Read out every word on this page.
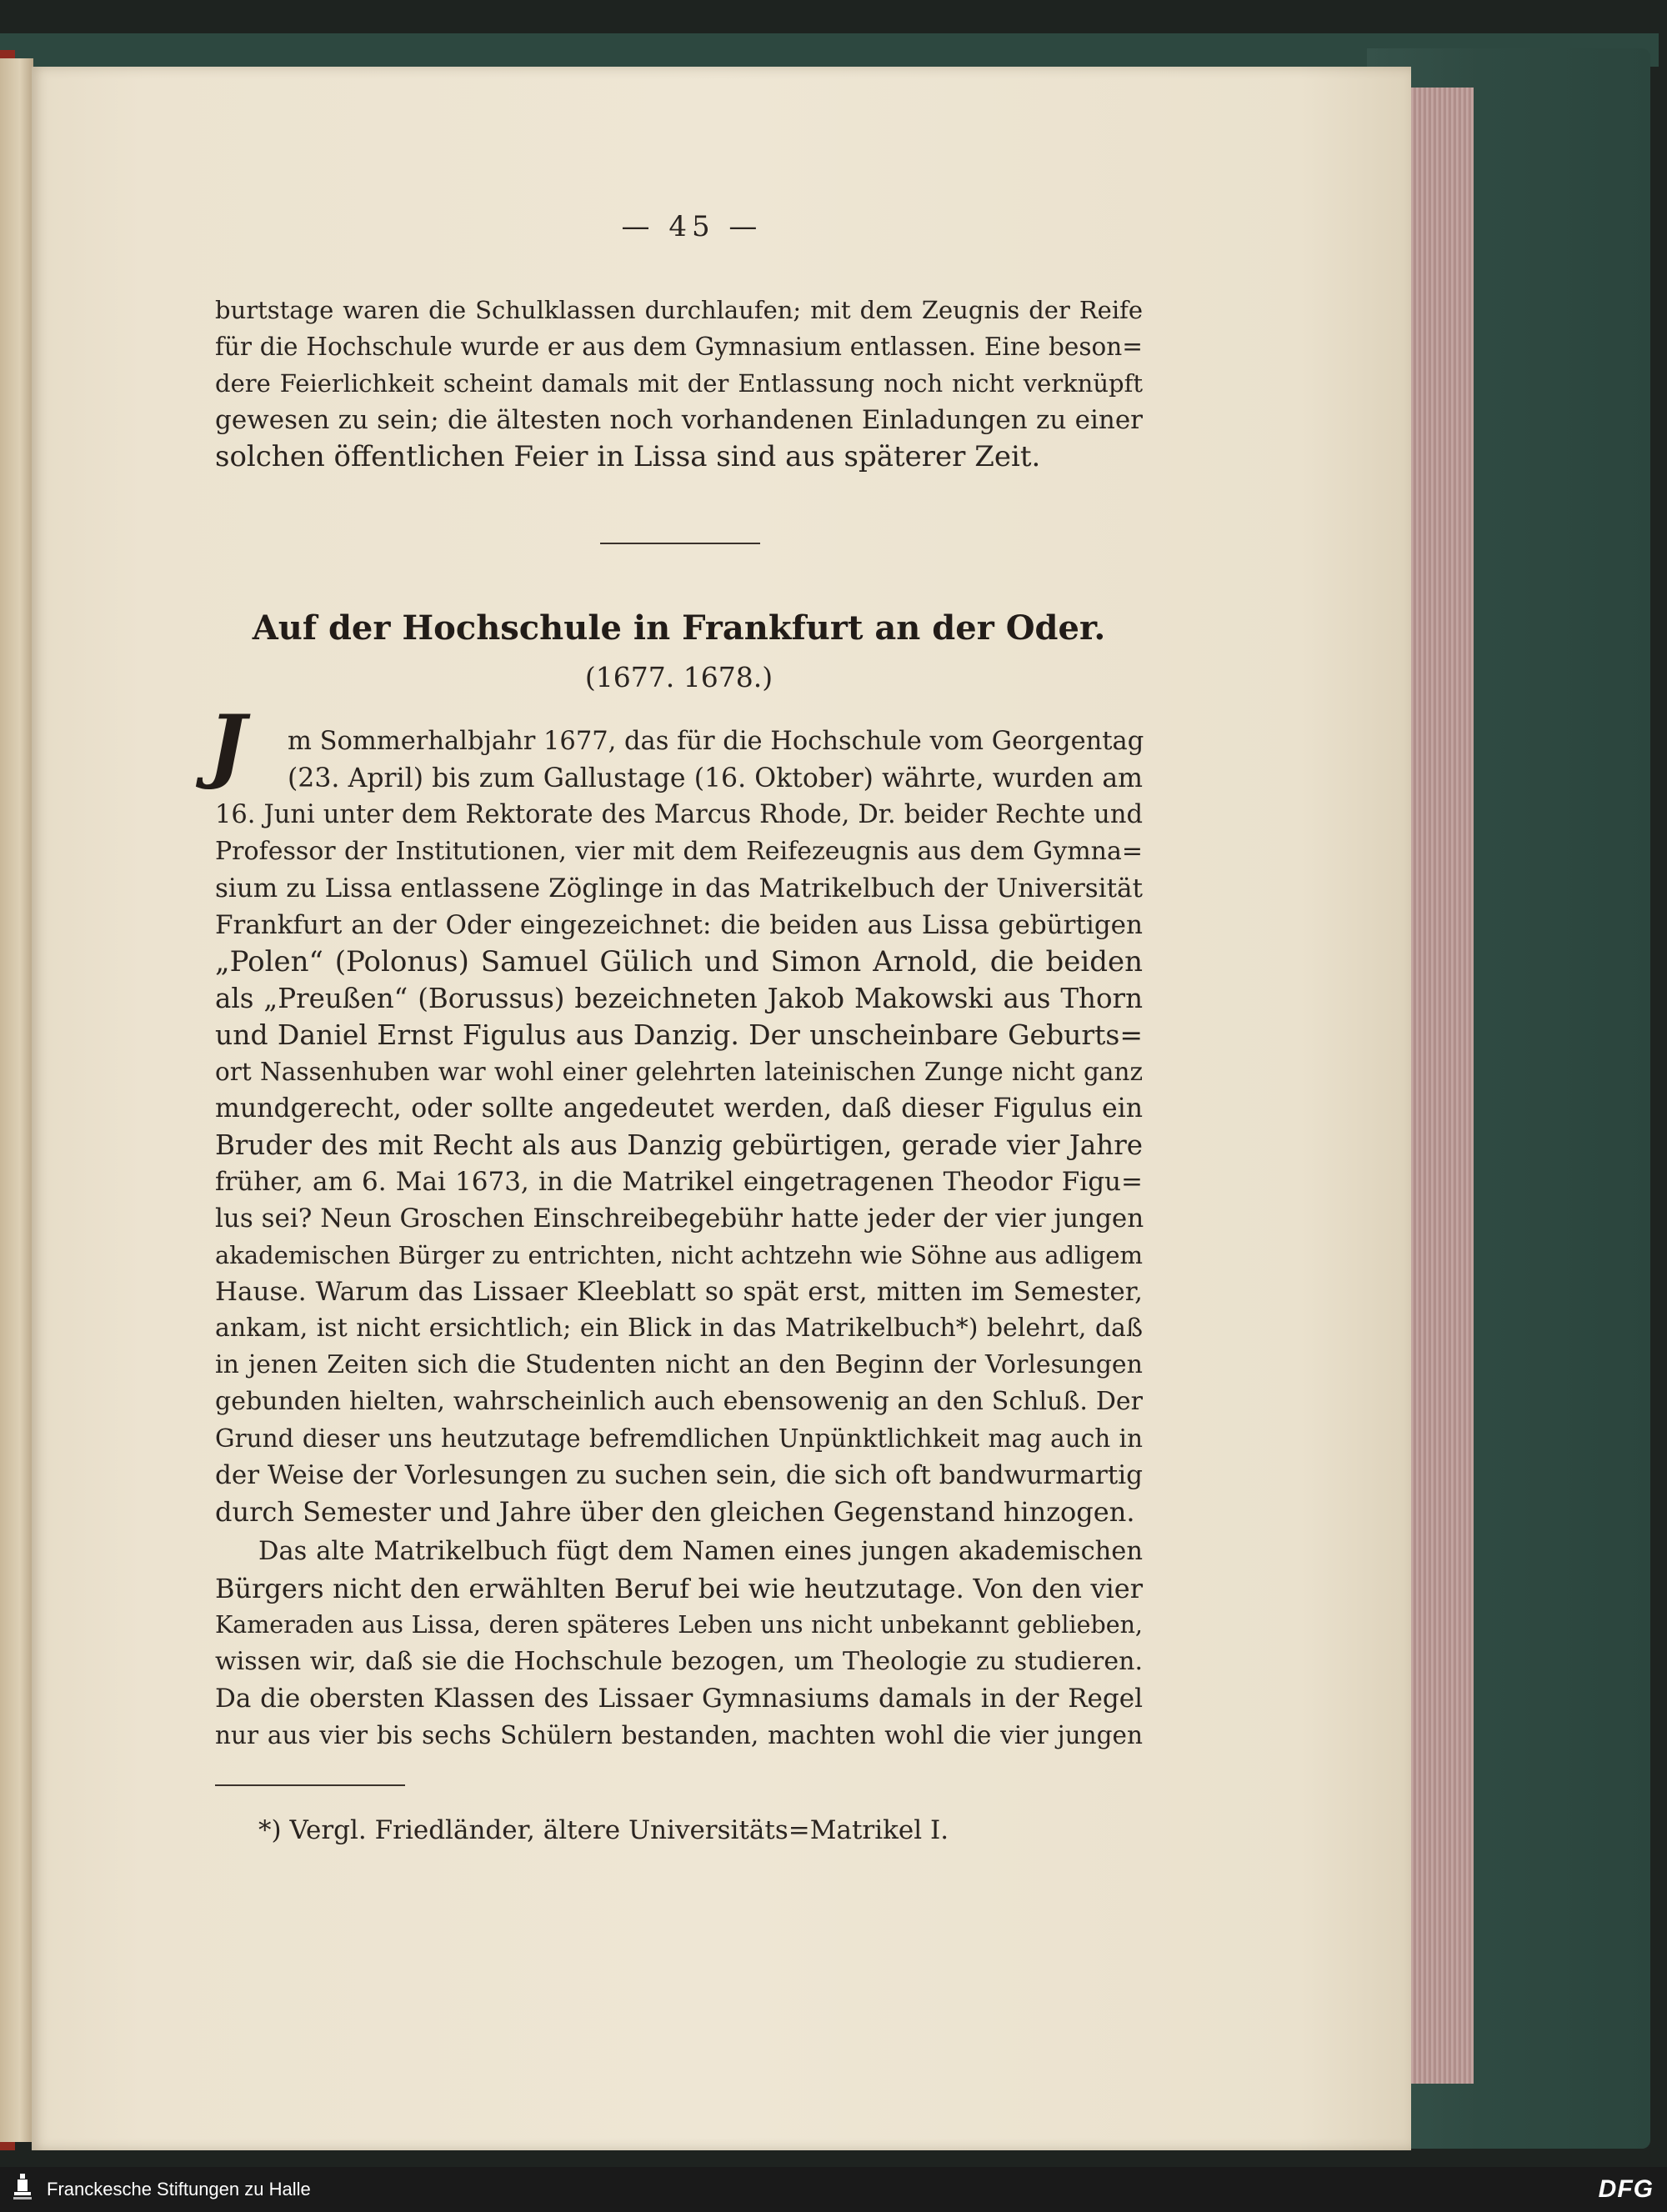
— 45 —

burtstage waren die Schulklassen durchlaufen; mit dem Zeugnis der Reife

für die Hochschule wurde er aus dem Gymnasium entlassen. Eine beson=

dere Feierlichkeit scheint damals mit der Entlassung noch nicht verknüpft

gewesen zu sein; die ältesten noch vorhandenen Einladungen zu einer

solchen öffentlichen Feier in Lissa sind aus späterer Zeit.

Auf der Hochschule in Frankfurt an der Oder.
(1677. 1678.)
J	m Sommerhalbjahr 1677, das für die Hochschule vom Georgentag

(23. April) bis zum Gallustage (16. Oktober) währte, wurden am

16. Juni unter dem Rektorate des Marcus Rhode, Dr. beider Rechte und

Professor der Institutionen, vier mit dem Reifezeugnis aus dem Gymna=

sium zu Lissa entlassene Zöglinge in das Matrikelbuch der Universität

Frankfurt an der Oder eingezeichnet: die beiden aus Lissa gebürtigen

„Polen“ (Polonus) Samuel Gülich und Simon Arnold, die beiden

als „Preußen“ (Borussus) bezeichneten Jakob Makowski aus Thorn

und Daniel Ernst Figulus aus Danzig. Der unscheinbare Geburts=

ort Nassenhuben war wohl einer gelehrten lateinischen Zunge nicht ganz

mundgerecht, oder sollte angedeutet werden, daß dieser Figulus ein

Bruder des mit Recht als aus Danzig gebürtigen, gerade vier Jahre

früher, am 6. Mai 1673, in die Matrikel eingetragenen Theodor Figu=

lus sei? Neun Groschen Einschreibegebühr hatte jeder der vier jungen

akademischen Bürger zu entrichten, nicht achtzehn wie Söhne aus adligem

Hause. Warum das Lissaer Kleeblatt so spät erst, mitten im Semester,

ankam, ist nicht ersichtlich; ein Blick in das Matrikelbuch*) belehrt, daß

in jenen Zeiten sich die Studenten nicht an den Beginn der Vorlesungen

gebunden hielten, wahrscheinlich auch ebensowenig an den Schluß. Der

Grund dieser uns heutzutage befremdlichen Unpünktlichkeit mag auch in

der Weise der Vorlesungen zu suchen sein, die sich oft bandwurmartig

durch Semester und Jahre über den gleichen Gegenstand hinzogen.

Das alte Matrikelbuch fügt dem Namen eines jungen akademischen

Bürgers nicht den erwählten Beruf bei wie heutzutage. Von den vier

Kameraden aus Lissa, deren späteres Leben uns nicht unbekannt geblieben,

wissen wir, daß sie die Hochschule bezogen, um Theologie zu studieren.

Da die obersten Klassen des Lissaer Gymnasiums damals in der Regel

nur aus vier bis sechs Schülern bestanden, machten wohl die vier jungen

*) Vergl. Friedländer, ältere Universitäts=Matrikel I.
Franckesche Stiftungen zu Halle	DFG
